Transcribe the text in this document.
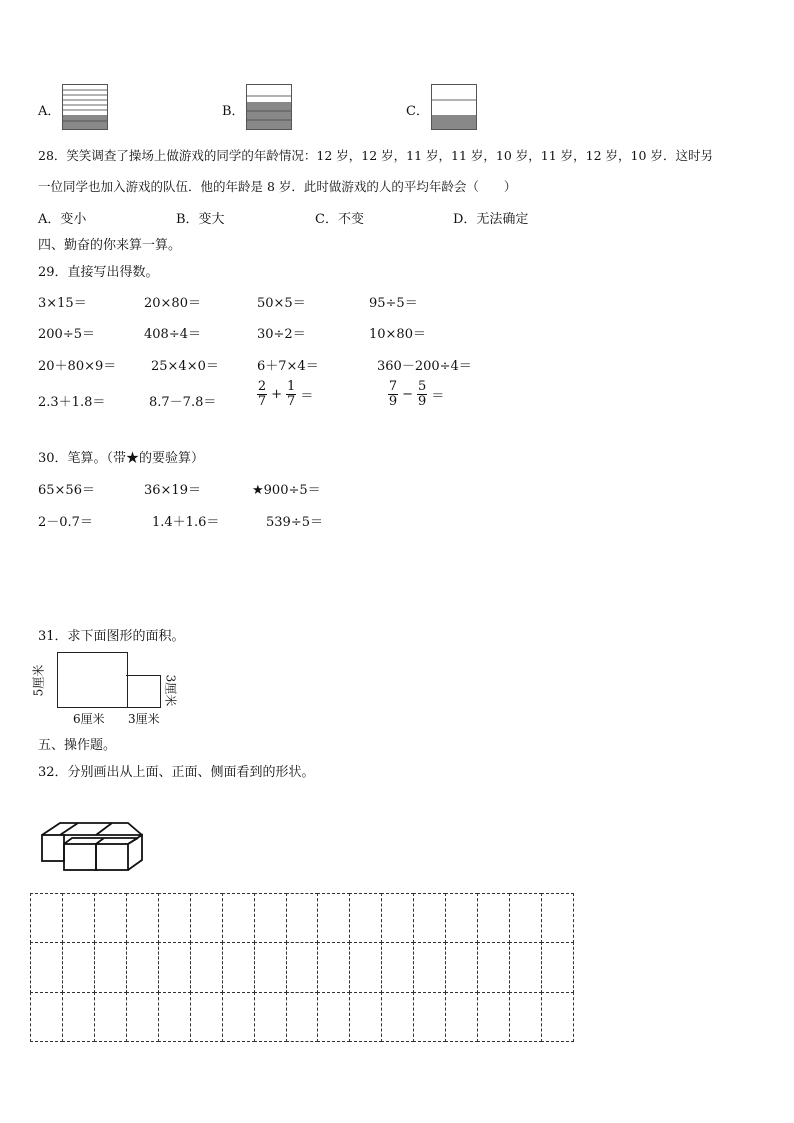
A．	B．	C．
28．笑笑调查了操场上做游戏的同学的年龄情况：12 岁，12 岁，11 岁，11 岁，10 岁，11 岁，12 岁，10 岁．这时另
一位同学也加入游戏的队伍．他的年龄是 8 岁．此时做游戏的人的平均年龄会（　　）
A．变小	B．变大	C．不变	D．无法确定
四、勤奋的你来算一算。
29．直接写出得数。
3×15＝	20×80＝	50×5＝	95÷5＝
200÷5＝	408÷4＝	30÷2＝	10×80＝
20＋80×9＝	25×4×0＝	6＋7×4＝	360－200÷4＝
2.3＋1.8＝	8.7－7.8＝	$\frac{2}{7} + \frac{1}{7}$ ＝	$\frac{7}{9} - \frac{5}{9}$ ＝
30．笔算。（带★的要验算）
65×56＝	36×19＝	★900÷5＝
2－0.7＝	1.4＋1.6＝	539÷5＝
31．求下面图形的面积。
5厘米
6厘米 3厘米
3厘米
五、操作题。
32．分别画出从上面、正面、侧面看到的形状。
